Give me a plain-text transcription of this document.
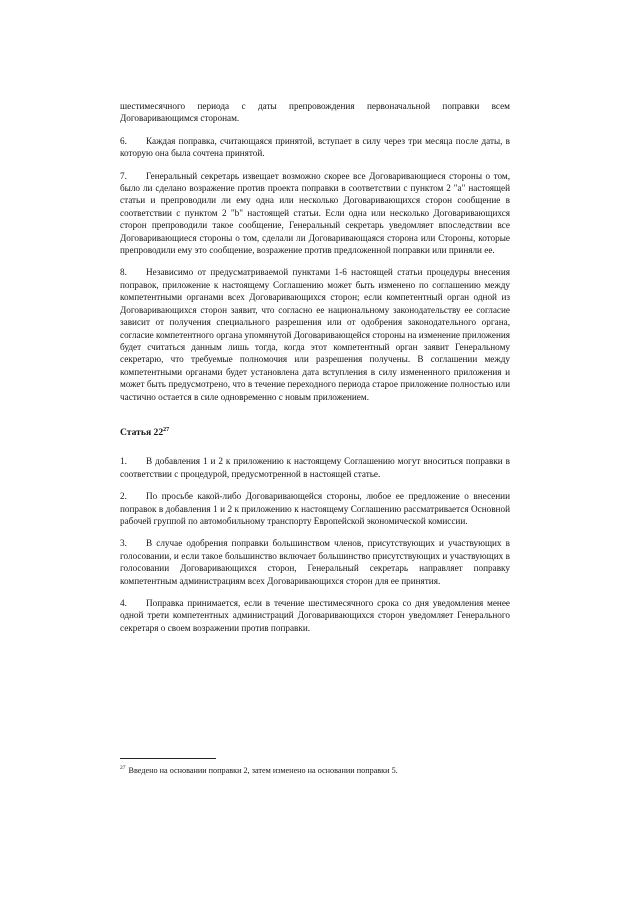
шестимесячного периода с даты препровождения первоначальной поправки всем Договаривающимся сторонам.

6. Каждая поправка, считающаяся принятой, вступает в силу через три месяца после даты, в которую она была сочтена принятой.

7. Генеральный секретарь извещает возможно скорее все Договаривающиеся стороны о том, было ли сделано возражение против проекта поправки в соответствии с пунктом 2 "а" настоящей статьи и препроводили ли ему одна или несколько Договаривающихся сторон сообщение в соответствии с пунктом 2 "b" настоящей статьи. Если одна или несколько Договаривающихся сторон препроводили такое сообщение, Генеральный секретарь уведомляет впоследствии все Договаривающиеся стороны о том, сделали ли Договаривающаяся сторона или Стороны, которые препроводили ему это сообщение, возражение против предложенной поправки или приняли ее.

8. Независимо от предусматриваемой пунктами 1-6 настоящей статьи процедуры внесения поправок, приложение к настоящему Соглашению может быть изменено по соглашению между компетентными органами всех Договаривающихся сторон; если компетентный орган одной из Договаривающихся сторон заявит, что согласно ее национальному законодательству ее согласие зависит от получения специального разрешения или от одобрения законодательного органа, согласие компетентного органа упомянутой Договаривающейся стороны на изменение приложения будет считаться данным лишь тогда, когда этот компетентный орган заявит Генеральному секретарю, что требуемые полномочия или разрешения получены. В соглашении между компетентными органами будет установлена дата вступления в силу измененного приложения и может быть предусмотрено, что в течение переходного периода старое приложение полностью или частично остается в силе одновременно с новым приложением.

Статья $22^{27}$

1. В добавления 1 и 2 к приложению к настоящему Соглашению могут вноситься поправки в соответствии с процедурой, предусмотренной в настоящей статье.

2. По просьбе какой-либо Договаривающейся стороны, любое ее предложение о внесении поправок в добавления 1 и 2 к приложению к настоящему Соглашению рассматривается Основной рабочей группой по автомобильному транспорту Европейской экономической комиссии.

3. В случае одобрения поправки большинством членов, присутствующих и участвующих в голосовании, и если такое большинство включает большинство присутствующих и участвующих в голосовании Договаривающихся сторон, Генеральный секретарь направляет поправку компетентным администрациям всех Договаривающихся сторон для ее принятия.

4. Поправка принимается, если в течение шестимесячного срока со дня уведомления менее одной трети компетентных администраций Договаривающихся сторон уведомляет Генерального секретаря о своем возражении против поправки.

$^{27}$ Введено на основании поправки 2, затем изменено на основании поправки 5.
